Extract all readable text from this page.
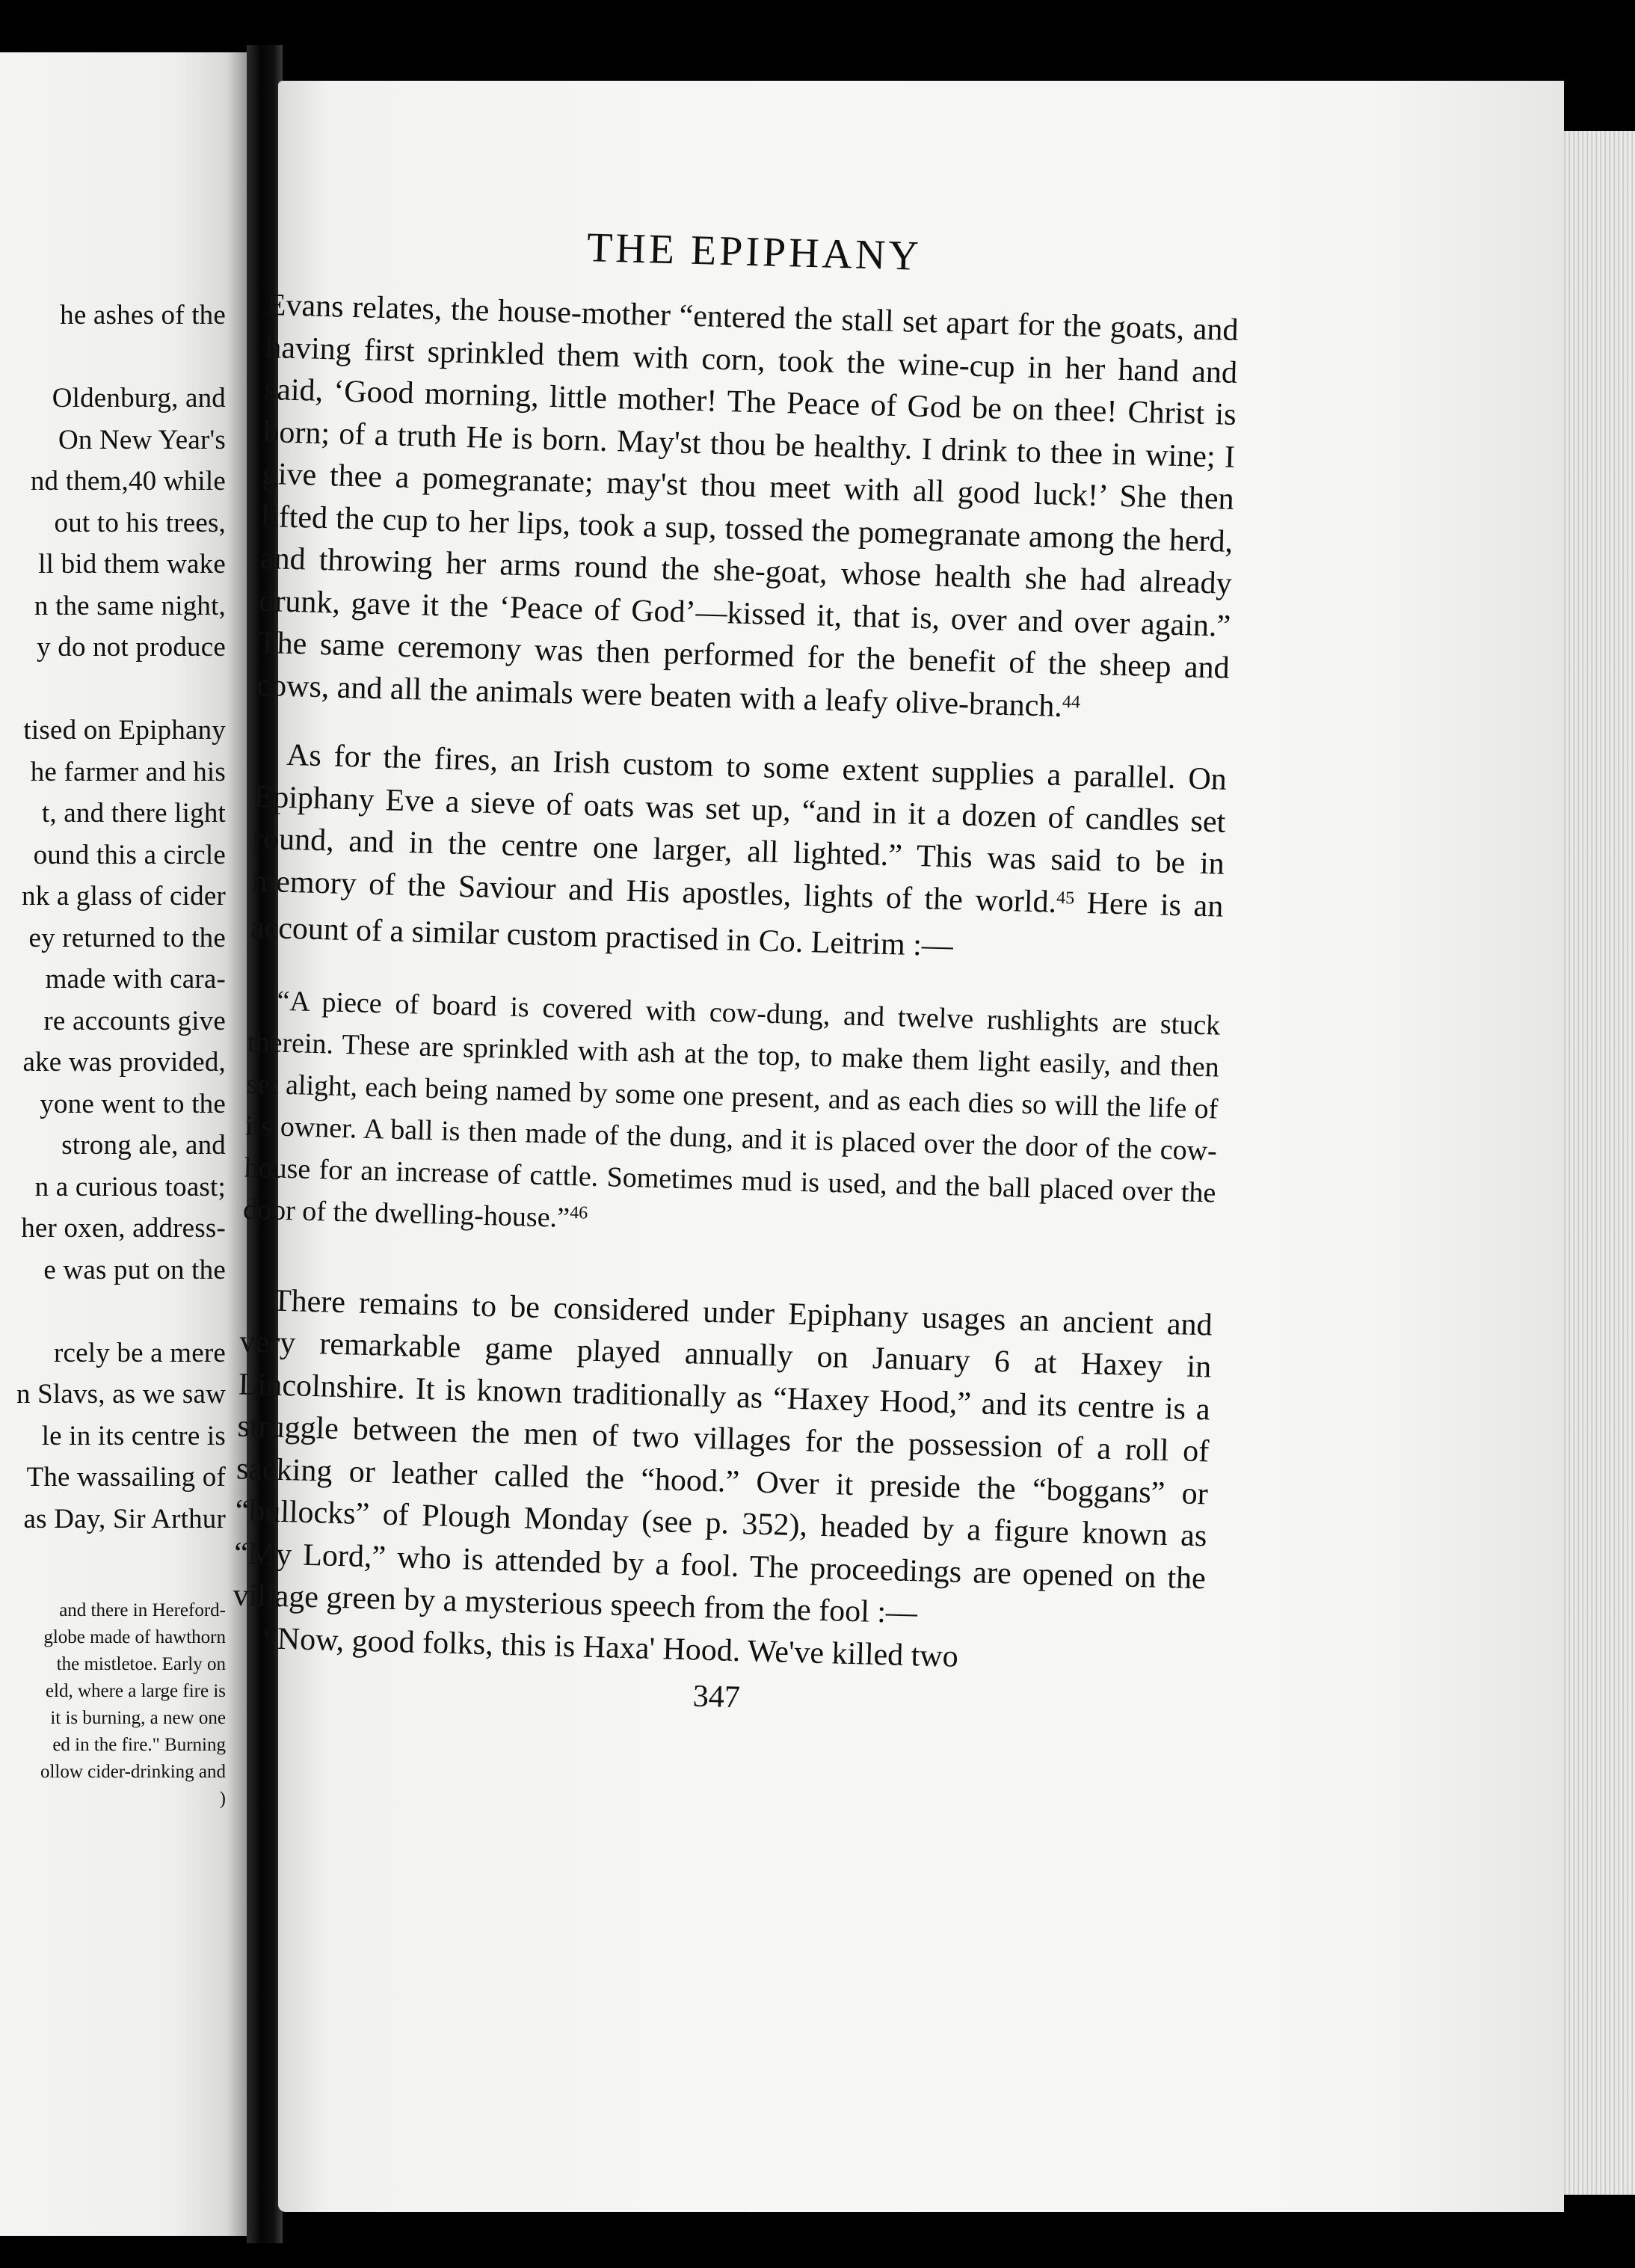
he ashes of the
Oldenburg, and
On New Year's
nd them,40 while
out to his trees,
ll bid them wake
n the same night,
y do not produce
tised on Epiphany
he farmer and his
t, and there light
ound this a circle
nk a glass of cider
ey returned to the
made with cara-
re accounts give
ake was provided,
yone went to the
strong ale, and
n a curious toast;
her oxen, address-
e was put on the
rcely be a mere
n Slavs, as we saw
le in its centre is
The wassailing of
as Day, Sir Arthur
and there in Hereford-
globe made of hawthorn
the mistletoe. Early on
eld, where a large fire is
it is burning, a new one
ed in the fire." Burning
ollow cider-drinking and
)
THE EPIPHANY

Evans relates, the house-mother “entered the stall set apart for the goats, and having first sprinkled them with corn, took the wine-cup in her hand and said, ‘Good morning, little mother! The Peace of God be on thee! Christ is born; of a truth He is born. May'st thou be healthy. I drink to thee in wine; I give thee a pomegranate; may'st thou meet with all good luck!’ She then lifted the cup to her lips, took a sup, tossed the pomegranate among the herd, and throwing her arms round the she-goat, whose health she had already drunk, gave it the ‘Peace of God’—kissed it, that is, over and over again.” The same ceremony was then performed for the benefit of the sheep and cows, and all the animals were beaten with a leafy olive-branch.$^{44}$

As for the fires, an Irish custom to some extent supplies a parallel. On Epiphany Eve a sieve of oats was set up, “and in it a dozen of candles set round, and in the centre one larger, all lighted.” This was said to be in memory of the Saviour and His apostles, lights of the world.$^{45}$ Here is an account of a similar custom practised in Co. Leitrim :—

“A piece of board is covered with cow-dung, and twelve rushlights are stuck therein. These are sprinkled with ash at the top, to make them light easily, and then set alight, each being named by some one present, and as each dies so will the life of its owner. A ball is then made of the dung, and it is placed over the door of the cow-house for an increase of cattle. Sometimes mud is used, and the ball placed over the door of the dwelling-house.”$^{46}$

There remains to be considered under Epiphany usages an ancient and very remarkable game played annually on January 6 at Haxey in Lincolnshire. It is known traditionally as “Haxey Hood,” and its centre is a struggle between the men of two villages for the possession of a roll of sacking or leather called the “hood.” Over it preside the “boggans” or “bullocks” of Plough Monday (see p. 352), headed by a figure known as “My Lord,” who is attended by a fool. The proceedings are opened on the village green by a mysterious speech from the fool :—

“Now, good folks, this is Haxa' Hood. We've killed two

347
